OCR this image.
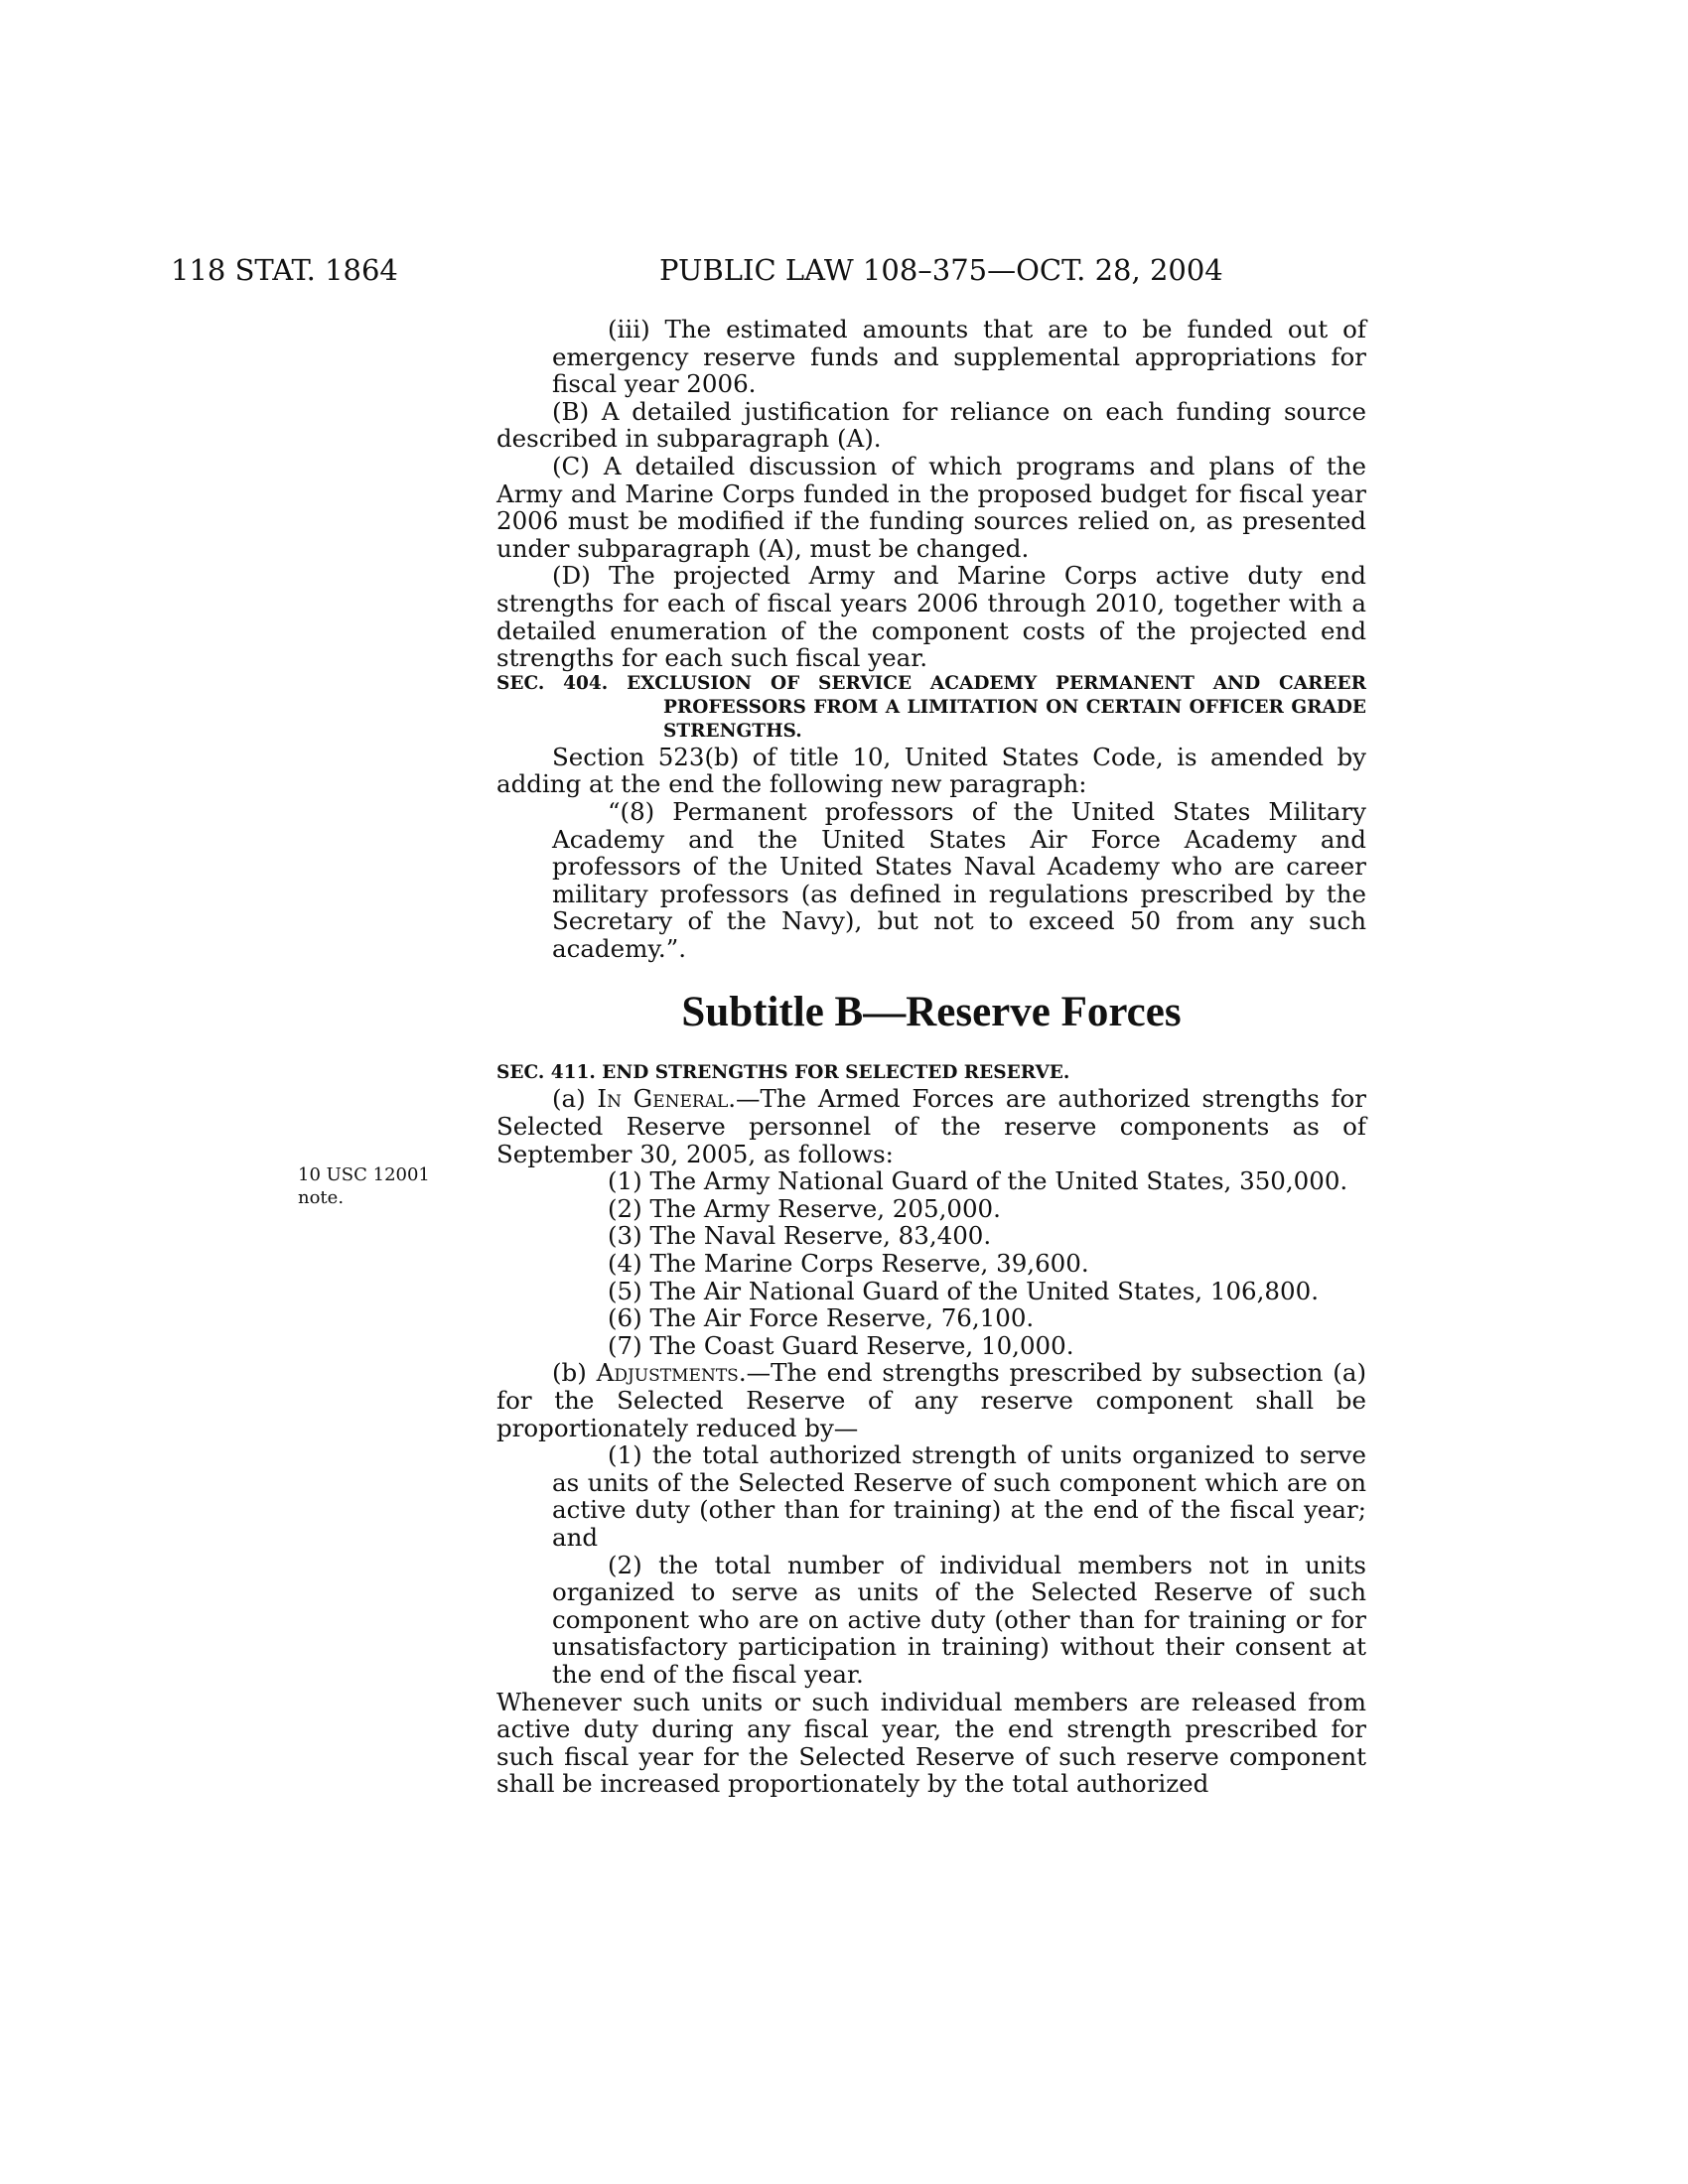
118 STAT. 1864	PUBLIC LAW 108–375—OCT. 28, 2004
10 USC 12001
note.

(iii) The estimated amounts that are to be funded out of emergency reserve funds and supplemental appropriations for fiscal year 2006.

(B) A detailed justification for reliance on each funding source described in subparagraph (A).

(C) A detailed discussion of which programs and plans of the Army and Marine Corps funded in the proposed budget for fiscal year 2006 must be modified if the funding sources relied on, as presented under subparagraph (A), must be changed.

(D) The projected Army and Marine Corps active duty end strengths for each of fiscal years 2006 through 2010, together with a detailed enumeration of the component costs of the projected end strengths for each such fiscal year.

SEC. 404. EXCLUSION OF SERVICE ACADEMY PERMANENT AND CAREER PROFESSORS FROM A LIMITATION ON CERTAIN OFFICER GRADE STRENGTHS.

Section 523(b) of title 10, United States Code, is amended by adding at the end the following new paragraph:

“(8) Permanent professors of the United States Military Academy and the United States Air Force Academy and professors of the United States Naval Academy who are career military professors (as defined in regulations prescribed by the Secretary of the Navy), but not to exceed 50 from any such academy.”.

Subtitle B—Reserve Forces

SEC. 411. END STRENGTHS FOR SELECTED RESERVE.

(a) In General.—The Armed Forces are authorized strengths for Selected Reserve personnel of the reserve components as of September 30, 2005, as follows:

(1) The Army National Guard of the United States, 350,000.

(2) The Army Reserve, 205,000.

(3) The Naval Reserve, 83,400.

(4) The Marine Corps Reserve, 39,600.

(5) The Air National Guard of the United States, 106,800.

(6) The Air Force Reserve, 76,100.

(7) The Coast Guard Reserve, 10,000.

(b) Adjustments.—The end strengths prescribed by subsection (a) for the Selected Reserve of any reserve component shall be proportionately reduced by—

(1) the total authorized strength of units organized to serve as units of the Selected Reserve of such component which are on active duty (other than for training) at the end of the fiscal year; and

(2) the total number of individual members not in units organized to serve as units of the Selected Reserve of such component who are on active duty (other than for training or for unsatisfactory participation in training) without their consent at the end of the fiscal year.

Whenever such units or such individual members are released from active duty during any fiscal year, the end strength prescribed for such fiscal year for the Selected Reserve of such reserve component shall be increased proportionately by the total authorized
